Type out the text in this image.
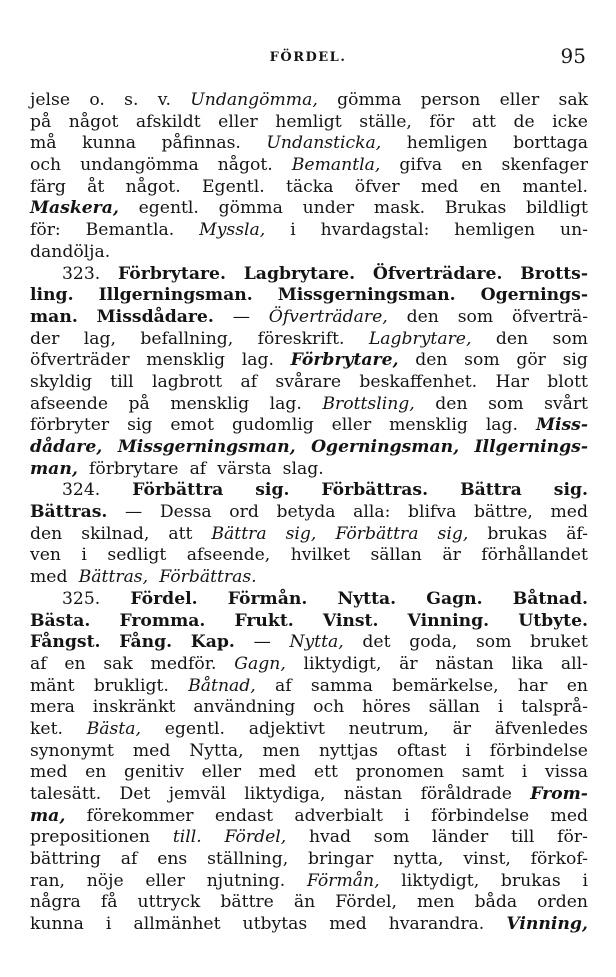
FÖRDEL.	95
jelse o. s. v. Undangömma, gömma person eller sak
på något afskildt eller hemligt ställe, för att de icke
må kunna påfinnas. Undansticka, hemligen borttaga
och undangömma något. Bemantla, gifva en skenfager
färg åt något. Egentl. täcka öfver med en mantel.
Maskera, egentl. gömma under mask. Brukas bildligt
för: Bemantla. Myssla, i hvardagstal: hemligen un-
dandölja.
323. Förbrytare. Lagbrytare. Öfverträdare. Brotts-
ling. Illgerningsman. Missgerningsman. Ogernings-
man. Missdådare. — Öfverträdare, den som öfverträ-
der lag, befallning, föreskrift. Lagbrytare, den som
öfverträder mensklig lag. Förbrytare, den som gör sig
skyldig till lagbrott af svårare beskaffenhet. Har blott
afseende på mensklig lag. Brottsling, den som svårt
förbryter sig emot gudomlig eller mensklig lag. Miss-
dådare, Missgerningsman, Ogerningsman, Illgernings-
man, förbrytare af värsta slag.
324. Förbättra sig. Förbättras. Bättra sig.
Bättras. — Dessa ord betyda alla: blifva bättre, med
den skilnad, att Bättra sig, Förbättra sig, brukas äf-
ven i sedligt afseende, hvilket sällan är förhållandet
med Bättras, Förbättras.
325. Fördel. Förmån. Nytta. Gagn. Båtnad.
Bästa. Fromma. Frukt. Vinst. Vinning. Utbyte.
Fångst. Fång. Kap. — Nytta, det goda, som bruket
af en sak medför. Gagn, liktydigt, är nästan lika all-
mänt brukligt. Båtnad, af samma bemärkelse, har en
mera inskränkt användning och höres sällan i talsprå-
ket. Bästa, egentl. adjektivt neutrum, är äfvenledes
synonymt med Nytta, men nyttjas oftast i förbindelse
med en genitiv eller med ett pronomen samt i vissa
talesätt. Det jemväl liktydiga, nästan föråldrade From-
ma, förekommer endast adverbialt i förbindelse med
prepositionen till. Fördel, hvad som länder till för-
bättring af ens ställning, bringar nytta, vinst, förkof-
ran, nöje eller njutning. Förmån, liktydigt, brukas i
några få uttryck bättre än Fördel, men båda orden
kunna i allmänhet utbytas med hvarandra. Vinning,
